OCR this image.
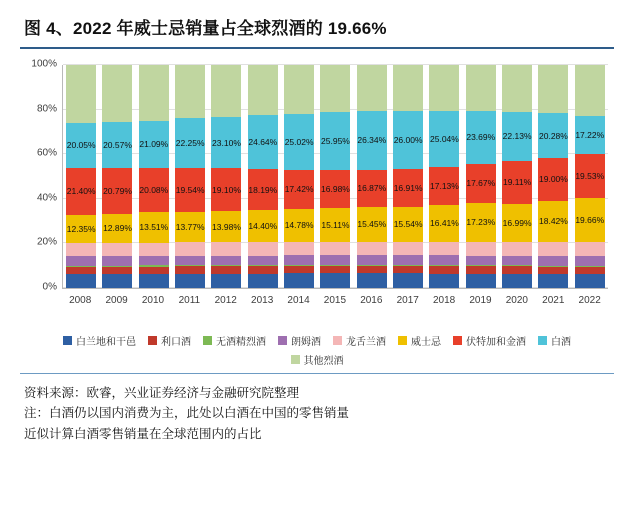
图 4、2022 年威士忌销量占全球烈酒的 19.66%
0%
20%
40%
60%
80%
100%
12.35%
21.40%
20.05%
12.89%
20.79%
20.57%
13.51%
20.08%
21.09%
13.77%
19.54%
22.25%
13.98%
19.10%
23.10%
14.40%
18.19%
24.64%
14.78%
17.42%
25.02%
15.11%
16.98%
25.95%
15.45%
16.87%
26.34%
15.54%
16.91%
26.00%
16.41%
17.13%
25.04%
17.23%
17.67%
23.69%
16.99%
19.11%
22.13%
18.42%
19.00%
20.28%
19.66%
19.53%
17.22%
2008	2009	2010	2011	2012	2013	2014	2015	2016	2017	2018	2019	2020	2021	2022
白兰地和干邑	利口酒	无酒精烈酒	朗姆酒	龙舌兰酒	威士忌	伏特加和金酒	白酒
其他烈酒
资料来源：欧睿，兴业证券经济与金融研究院整理
注：白酒仍以国内消费为主，此处以白酒在中国的零售销量
近似计算白酒零售销量在全球范围内的占比
